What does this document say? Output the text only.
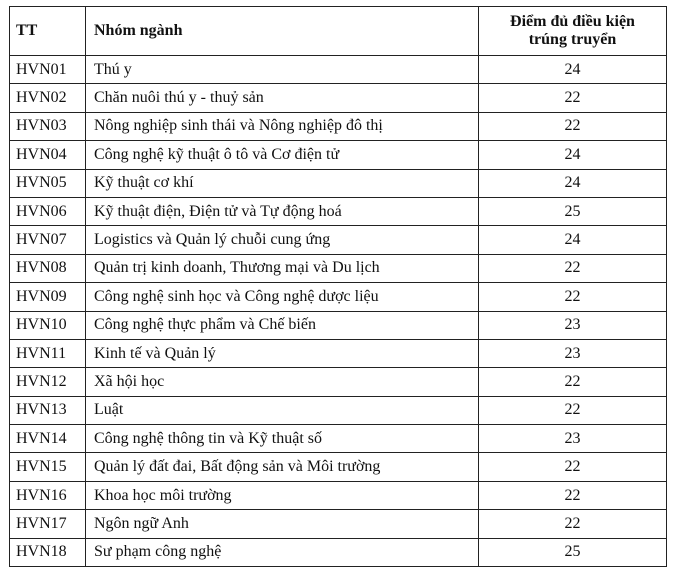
TT	Nhóm ngành	Điểm đủ điều kiện
trúng truyển
HVN01	Thú y	24
HVN02	Chăn nuôi thú y - thuỷ sản	22
HVN03	Nông nghiệp sinh thái và Nông nghiệp đô thị	22
HVN04	Công nghệ kỹ thuật ô tô và Cơ điện tử	24
HVN05	Kỹ thuật cơ khí	24
HVN06	Kỹ thuật điện, Điện tử và Tự động hoá	25
HVN07	Logistics và Quản lý chuỗi cung ứng	24
HVN08	Quản trị kinh doanh, Thương mại và Du lịch	22
HVN09	Công nghệ sinh học và Công nghệ dược liệu	22
HVN10	Công nghệ thực phẩm và Chế biến	23
HVN11	Kinh tế và Quản lý	23
HVN12	Xã hội học	22
HVN13	Luật	22
HVN14	Công nghệ thông tin và Kỹ thuật số	23
HVN15	Quản lý đất đai, Bất động sản và Môi trường	22
HVN16	Khoa học môi trường	22
HVN17	Ngôn ngữ Anh	22
HVN18	Sư phạm công nghệ	25
